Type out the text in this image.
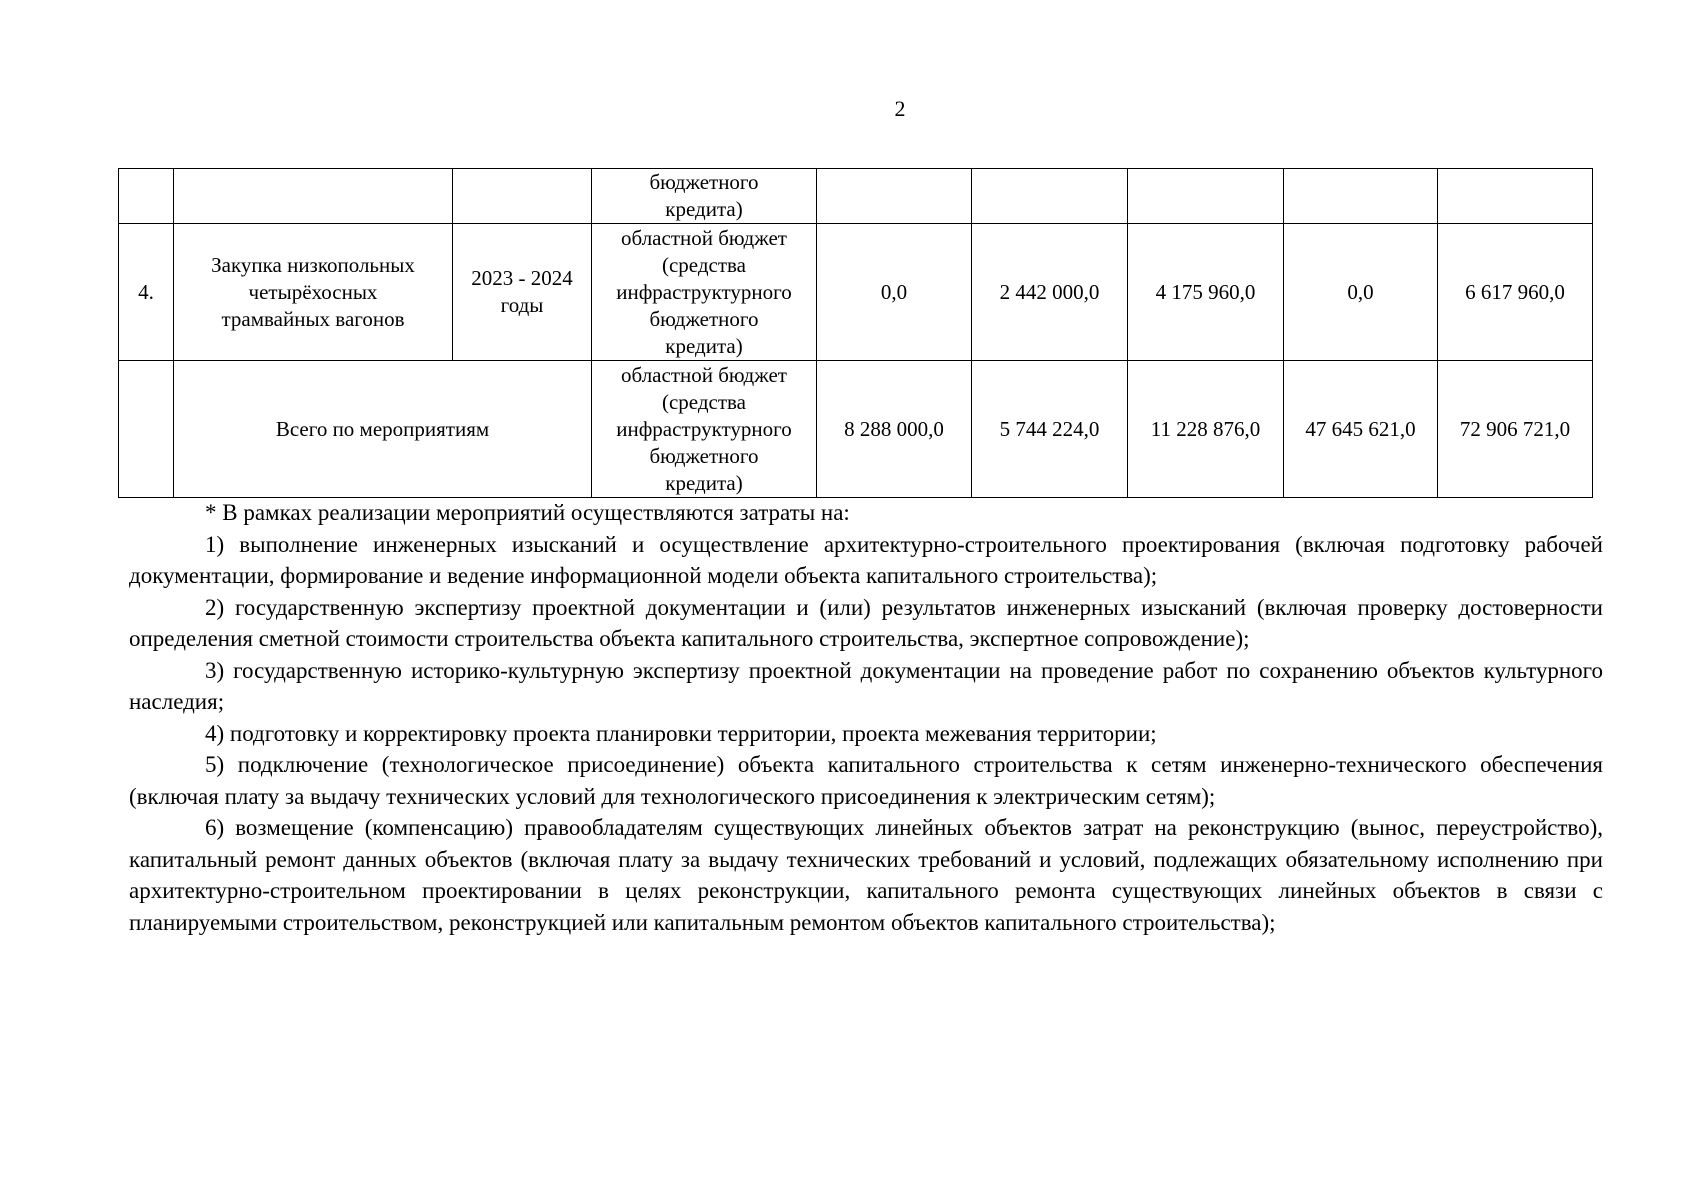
2
			бюджетного
кредита)					
4.	Закупка низкопольных
четырёхосных
трамвайных вагонов	2023 - 2024
годы	областной бюджет
(средства
инфраструктурного
бюджетного
кредита)	0,0	2 442 000,0	4 175 960,0	0,0	6 617 960,0
	Всего по мероприятиям		областной бюджет
(средства
инфраструктурного
бюджетного
кредита)	8 288 000,0	5 744 224,0	11 228 876,0	47 645 621,0	72 906 721,0

* В рамках реализации мероприятий осуществляются затраты на:

1) выполнение инженерных изысканий и осуществление архитектурно-строительного проектирования (включая подготовку рабочей документации, формирование и ведение информационной модели объекта капитального строительства);

2) государственную экспертизу проектной документации и (или) результатов инженерных изысканий (включая проверку достоверности определения сметной стоимости строительства объекта капитального строительства, экспертное сопровождение);

3) государственную историко-культурную экспертизу проектной документации на проведение работ по сохранению объектов культурного наследия;

4) подготовку и корректировку проекта планировки территории, проекта межевания территории;

5) подключение (технологическое присоединение) объекта капитального строительства к сетям инженерно-технического обеспечения (включая плату за выдачу технических условий для технологического присоединения к электрическим сетям);

6) возмещение (компенсацию) правообладателям существующих линейных объектов затрат на реконструкцию (вынос, переустройство), капитальный ремонт данных объектов (включая плату за выдачу технических требований и условий, подлежащих обязательному исполнению при архитектурно-строительном проектировании в целях реконструкции, капитального ремонта существующих линейных объектов в связи с планируемыми строительством, реконструкцией или капитальным ремонтом объектов капитального строительства);
